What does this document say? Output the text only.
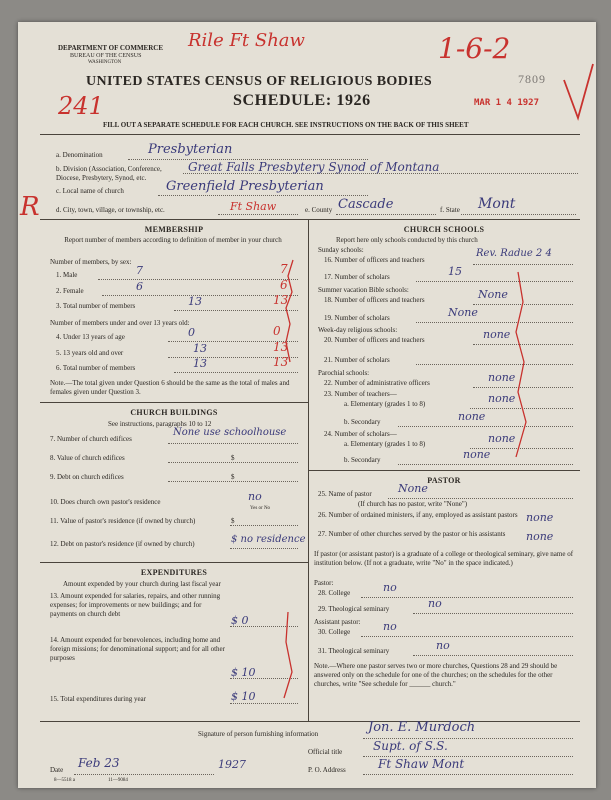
DEPARTMENT OF COMMERCE
BUREAU OF THE CENSUS
WASHINGTON
Rile Ft Shaw	1-6-2
7809
MAR 1 4 1927
UNITED STATES CENSUS OF RELIGIOUS BODIES
SCHEDULE: 1926
241
FILL OUT A SEPARATE SCHEDULE FOR EACH CHURCH. SEE INSTRUCTIONS ON THE BACK OF THIS SHEET
R
a. Denomination	Presbyterian
b. Division (Association, Conference, Diocese, Presbytery, Synod, etc.
Great Falls Presbytery Synod of Montana
c. Local name of church	Greenfield Presbyterian
d. City, town, village, or township, etc.	Ft Shaw	e. County Cascade	f. State Mont
MEMBERSHIP
Report number of members according to definition of member in your church
Number of members, by sex:
1. Male	7	7
2. Female	6	6
3. Total number of members	13	13
Number of members under and over 13 years old:
4. Under 13 years of age	0	0
5. 13 years old and over	13	13
6. Total number of members	13	13
Note.—The total given under Question 6 should be the same as the total of males and females given under Question 3.
CHURCH BUILDINGS
See instructions, paragraphs 10 to 12
7. Number of church edifices
None use schoolhouse
8. Value of church edifices	$
9. Debt on church edifices	$
10. Does church own pastor's residence	no
Yes or No
11. Value of pastor's residence (if owned by church)	$
12. Debt on pastor's residence (if owned by church)	$ no residence
EXPENDITURES
Amount expended by your church during last fiscal year
13. Amount expended for salaries, repairs, and other running expenses; for improvements or new buildings; and for payments on church debt	$ 0
14. Amount expended for benevolences, including home and foreign missions; for denominational support; and for all other purposes
$ 10
15. Total expenditures during year	$ 10
CHURCH SCHOOLS
Report here only schools conducted by this church
Sunday schools:
16. Number of officers and teachers
Rev. Radue 2 4
17. Number of scholars	15
Summer vacation Bible schools:
18. Number of officers and teachers	None
19. Number of scholars	None
Week-day religious schools:
20. Number of officers and teachers	none
21. Number of scholars
Parochial schools:
22. Number of administrative officers	none
23. Number of teachers—
a. Elementary (grades 1 to 8)	none
b. Secondary	none
24. Number of scholars—
a. Elementary (grades 1 to 8)	none
b. Secondary	none
PASTOR
25. Name of pastor None
(If church has no pastor, write "None")
26. Number of ordained ministers, if any, employed as assistant pastors none
27. Number of other churches served by the pastor or his assistants	none
If pastor (or assistant pastor) is a graduate of a college or theological seminary, give name of institution below. (If not a graduate, write "No" in the space indicated.)
Pastor:
28. College	no
29. Theological seminary	no
Assistant pastor:
30. College	no
31. Theological seminary	no
Note.—Where one pastor serves two or more churches, Questions 28 and 29 should be answered only on the schedule for one of the churches; on the schedules for the other churches, write "See schedule for ______ church."
Signature of person furnishing information	Jon. E. Murdoch
Official title	Supt. of S.S.
Date Feb 23	1927	P. O. Address	Ft Shaw Mont
8—5518 a	11—9084
